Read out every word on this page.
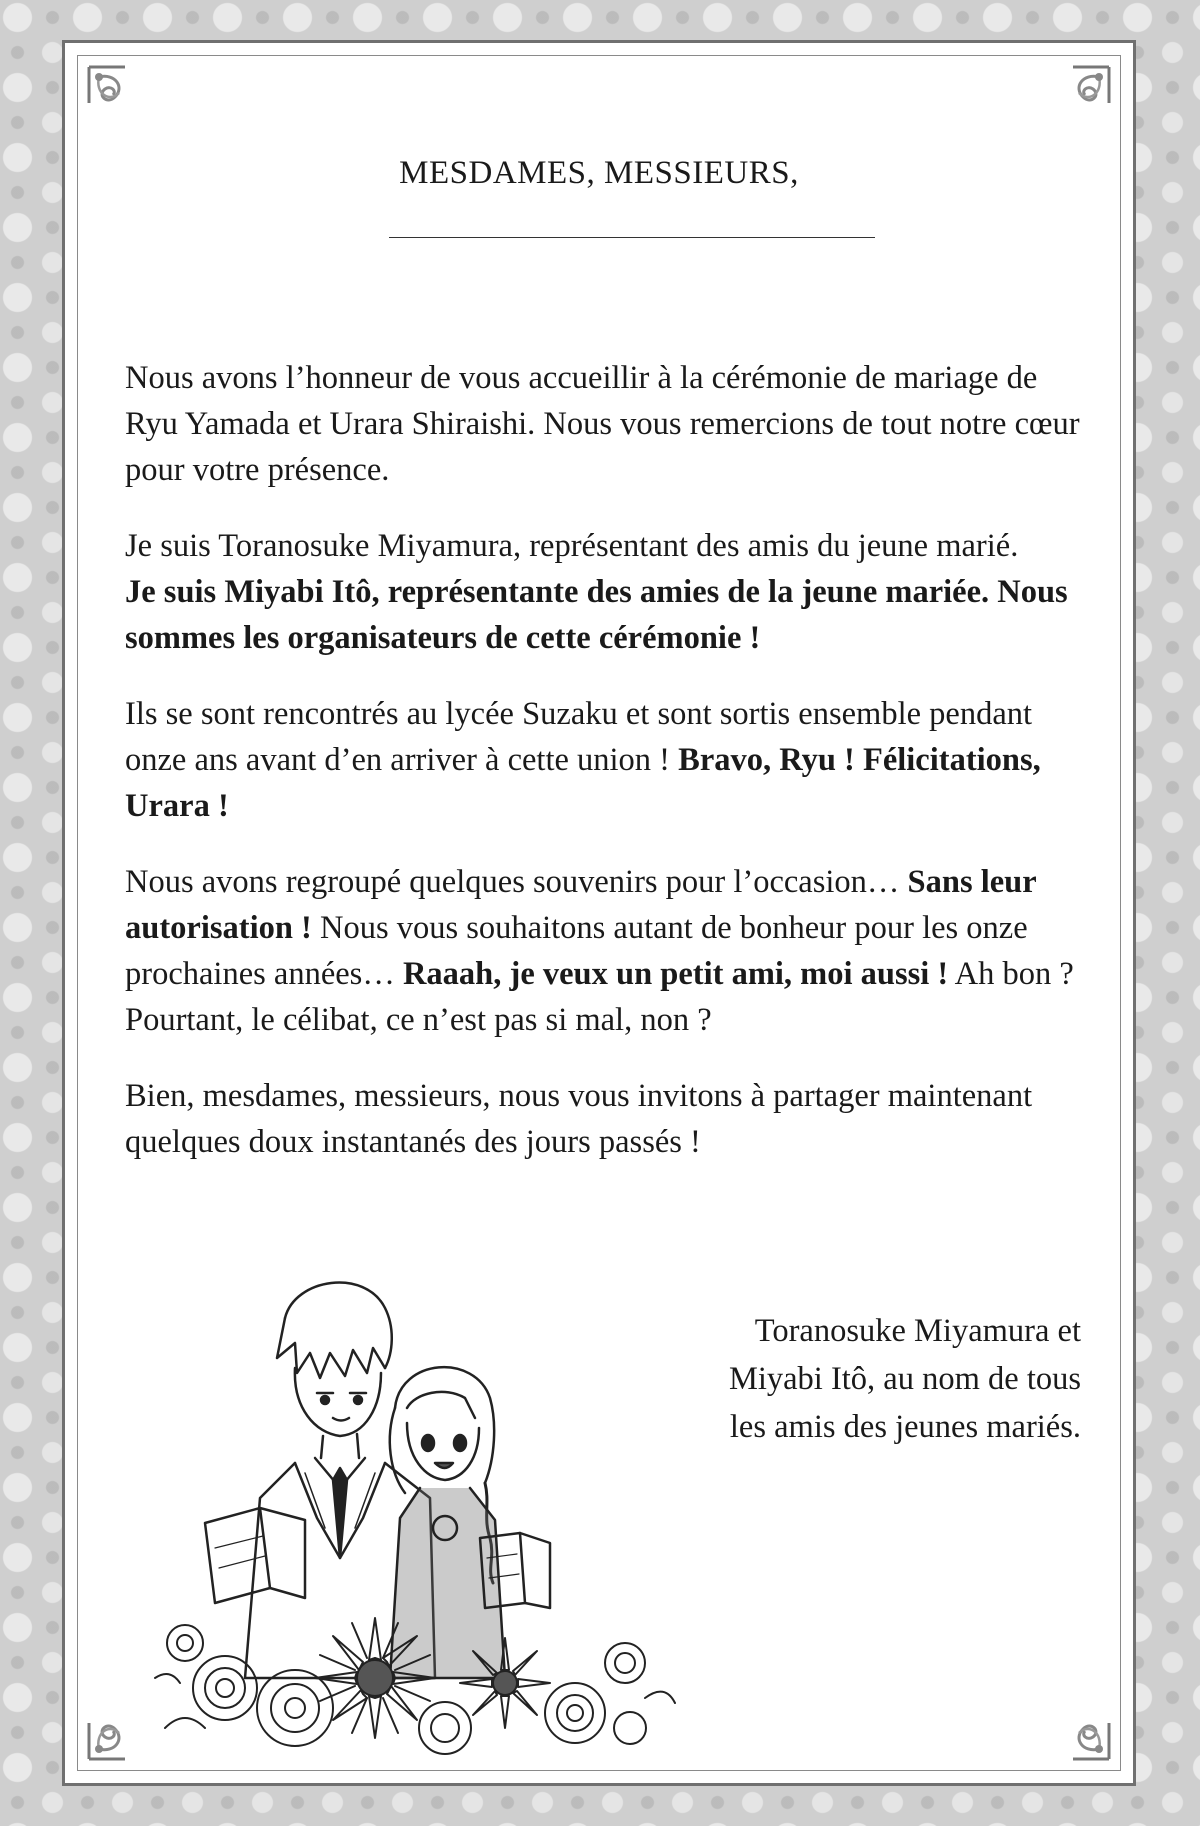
MESDAMES, MESSIEURS,

Nous avons l’honneur de vous accueillir à la cérémonie de mariage de Ryu Yamada et Urara Shiraishi. Nous vous remercions de tout notre cœur pour votre présence.

Je suis Toranosuke Miyamura, représentant des amis du jeune marié.
Je suis Miyabi Itô, représentante des amies de la jeune mariée. Nous sommes les organisateurs de cette cérémonie !

Ils se sont rencontrés au lycée Suzaku et sont sortis ensemble pendant onze ans avant d’en arriver à cette union ! Bravo, Ryu ! Félicitations, Urara !

Nous avons regroupé quelques souvenirs pour l’occasion… Sans leur autorisation ! Nous vous souhaitons autant de bonheur pour les onze prochaines années… Raaah, je veux un petit ami, moi aussi ! Ah bon ? Pourtant, le célibat, ce n’est pas si mal, non ?

Bien, mesdames, messieurs, nous vous invitons à partager maintenant quelques doux instantanés des jours passés !

Toranosuke Miyamura et
Miyabi Itô, au nom de tous
les amis des jeunes mariés.
